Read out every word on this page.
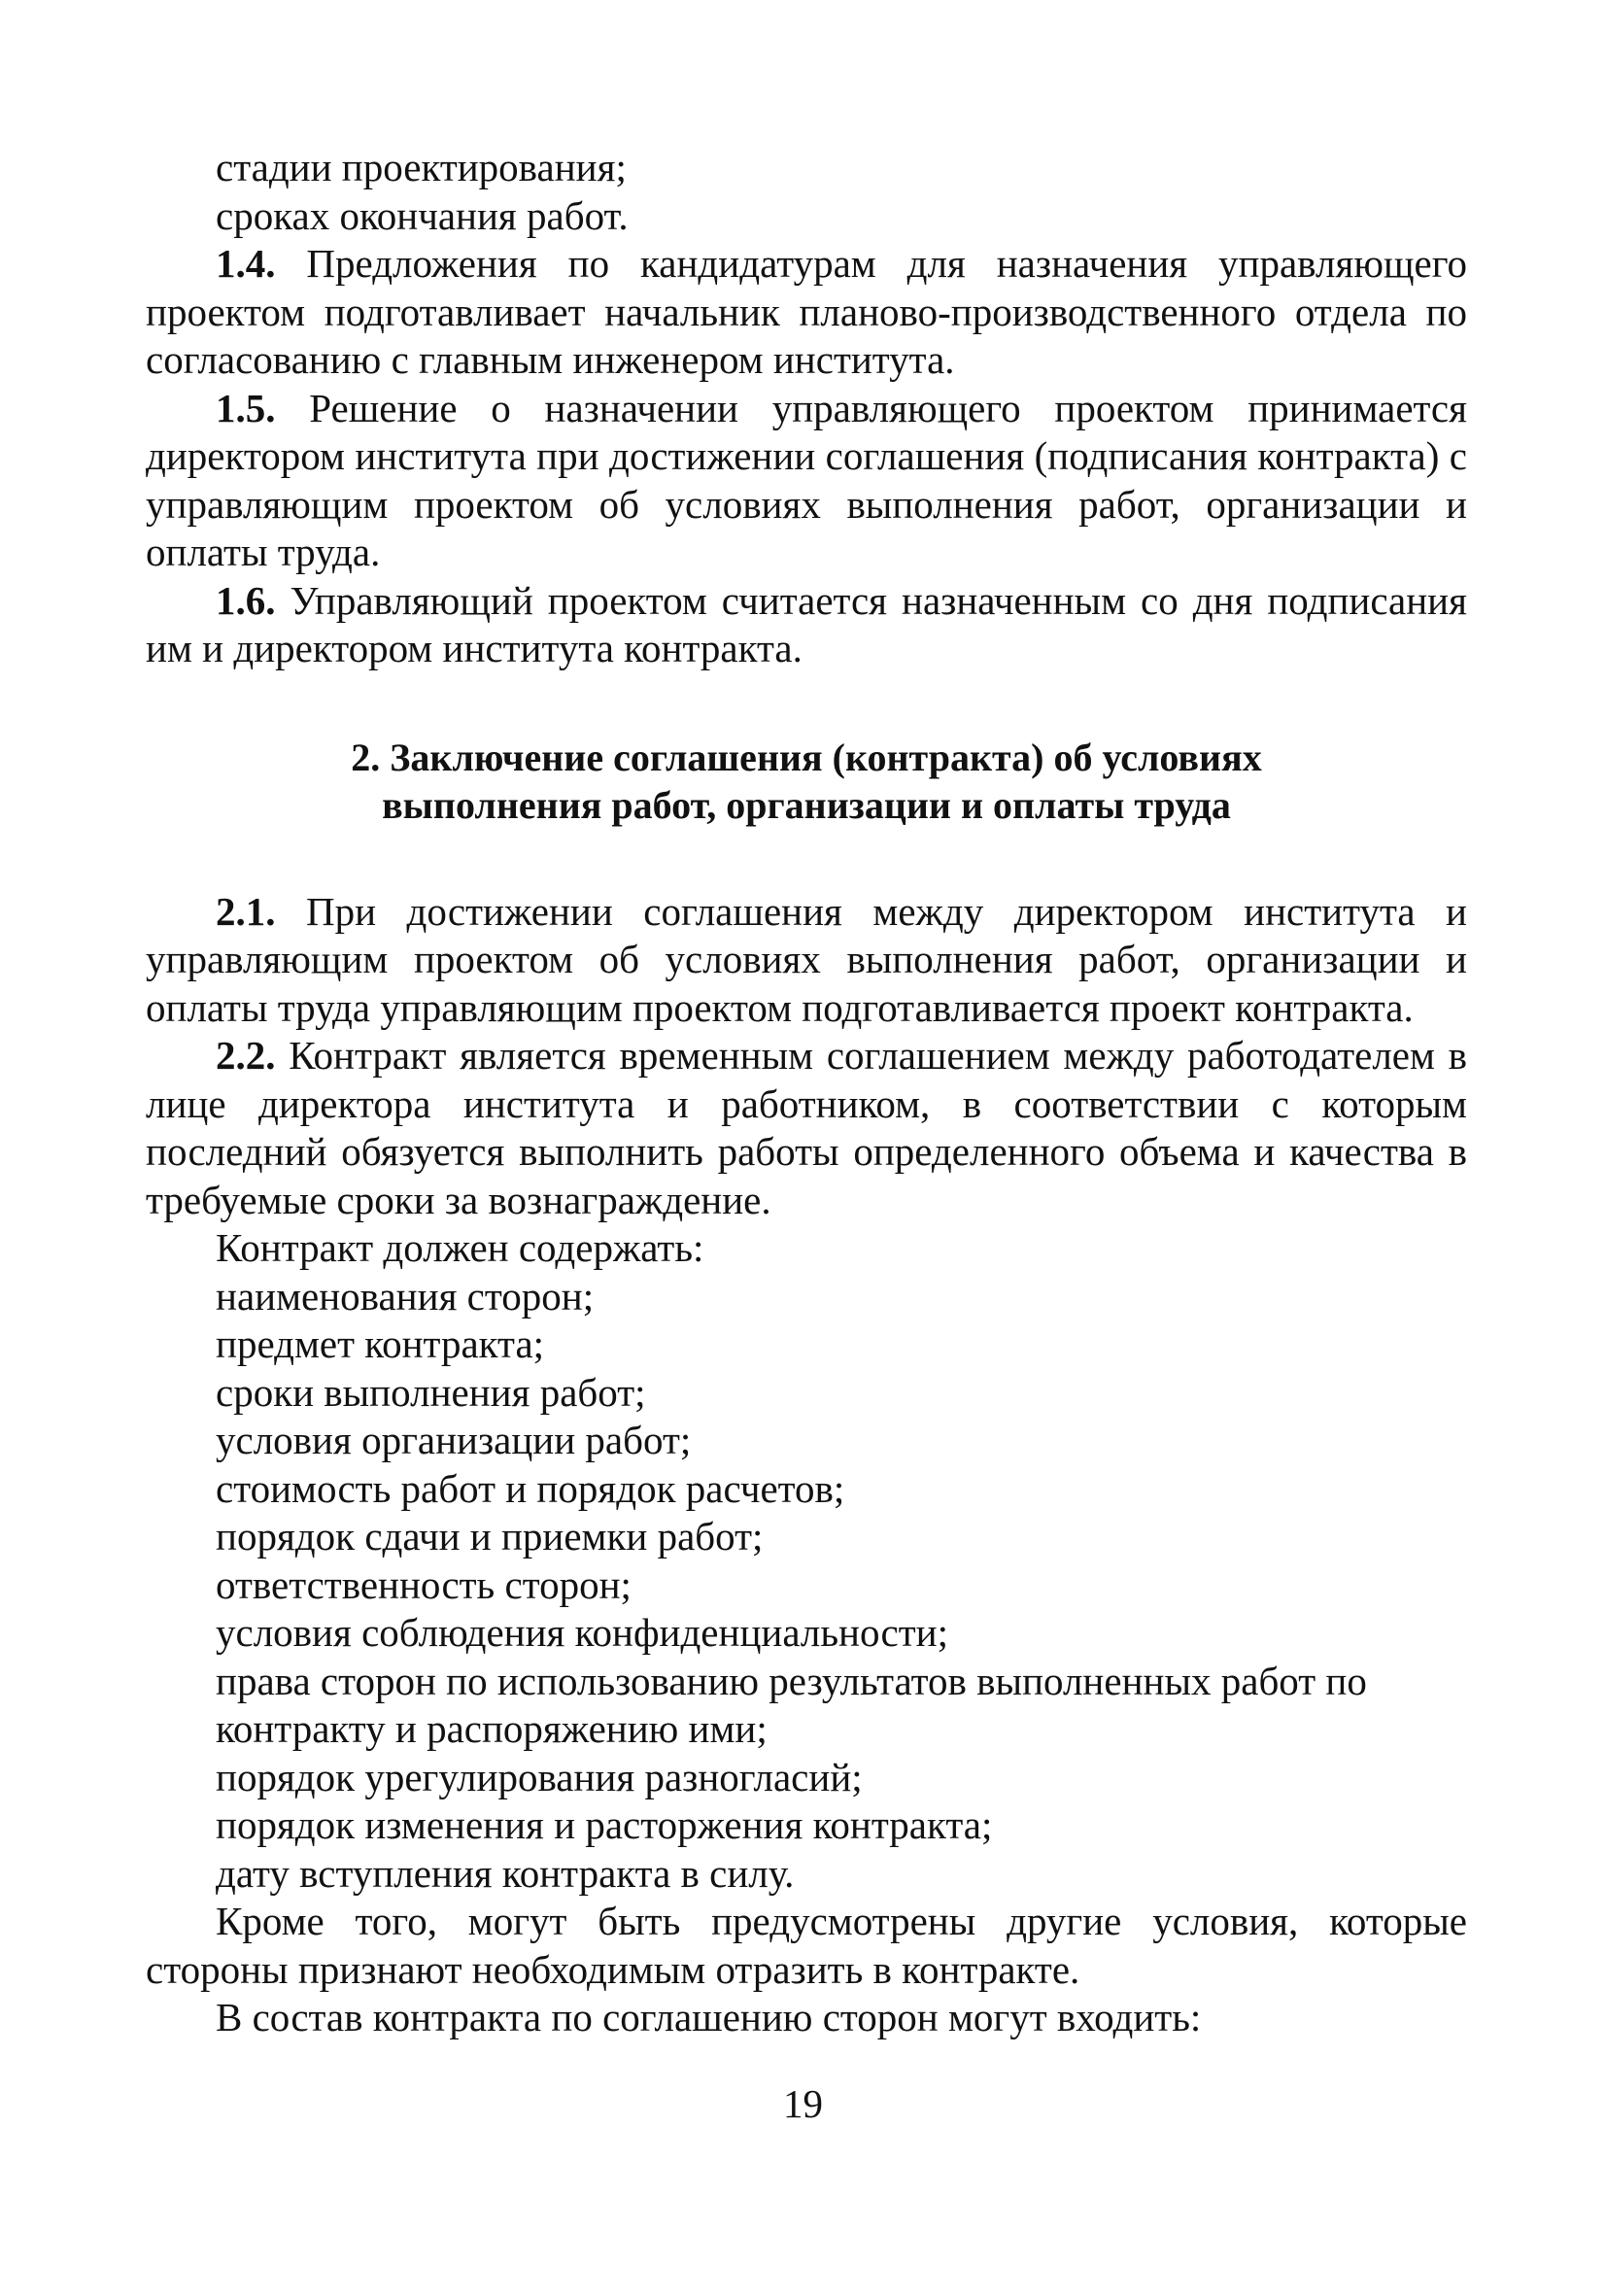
стадии проектирования;

сроках окончания работ.

1.4. Предложения по кандидатурам для назначения управляющего проектом подготавливает начальник планово-производственного отдела по согласованию с главным инженером института.

1.5. Решение о назначении управляющего проектом принимается директором института при достижении соглашения (подписания контракта) с управляющим проектом об условиях выполнения работ, организации и оплаты труда.

1.6. Управляющий проектом считается назначенным со дня подписания им и директором института контракта.

2. Заключение соглашения (контракта) об условиях
выполнения работ, организации и оплаты труда

2.1. При достижении соглашения между директором института и управляющим проектом об условиях выполнения работ, организации и оплаты труда управляющим проектом подготавливается проект контракта.

2.2. Контракт является временным соглашением между работодателем в лице директора института и работником, в соответствии с которым последний обязуется выполнить работы определенного объема и качества в требуемые сроки за вознаграждение.

Контракт должен содержать:

наименования сторон;

предмет контракта;

сроки выполнения работ;

условия организации работ;

стоимость работ и порядок расчетов;

порядок сдачи и приемки работ;

ответственность сторон;

условия соблюдения конфиденциальности;

права сторон по использованию результатов выполненных работ по контракту и распоряжению ими;

порядок урегулирования разногласий;

порядок изменения и расторжения контракта;

дату вступления контракта в силу.

Кроме того, могут быть предусмотрены другие условия, которые стороны признают необходимым отразить в контракте.

В состав контракта по соглашению сторон могут входить:

19
